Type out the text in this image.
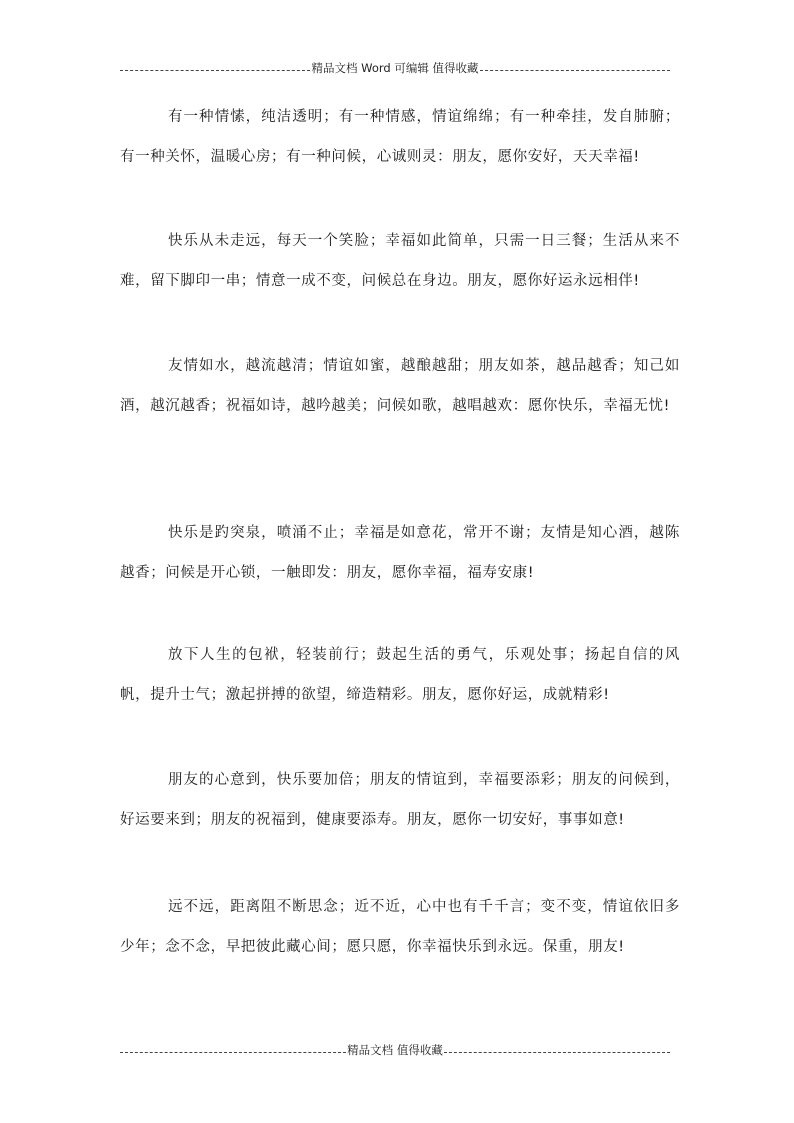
精品文档 Word 可编辑 值得收藏

有一种情愫，纯洁透明；有一种情感，情谊绵绵；有一种牵挂，发自肺腑；有一种关怀，温暖心房；有一种问候，心诚则灵：朋友，愿你安好，天天幸福!

快乐从未走远，每天一个笑脸；幸福如此简单，只需一日三餐；生活从来不难，留下脚印一串；情意一成不变，问候总在身边。朋友，愿你好运永远相伴!

友情如水，越流越清；情谊如蜜，越酿越甜；朋友如茶，越品越香；知己如酒，越沉越香；祝福如诗，越吟越美；问候如歌，越唱越欢：愿你快乐，幸福无忧!

快乐是趵突泉，喷涌不止；幸福是如意花，常开不谢；友情是知心酒，越陈越香；问候是开心锁，一触即发：朋友，愿你幸福，福寿安康!

放下人生的包袱，轻装前行；鼓起生活的勇气，乐观处事；扬起自信的风帆，提升士气；激起拼搏的欲望，缔造精彩。朋友，愿你好运，成就精彩!

朋友的心意到，快乐要加倍；朋友的情谊到，幸福要添彩；朋友的问候到，好运要来到；朋友的祝福到，健康要添寿。朋友，愿你一切安好，事事如意!

远不远，距离阻不断思念；近不近，心中也有千千言；变不变，情谊依旧多少年；念不念，早把彼此藏心间；愿只愿，你幸福快乐到永远。保重，朋友!

精品文档 值得收藏
